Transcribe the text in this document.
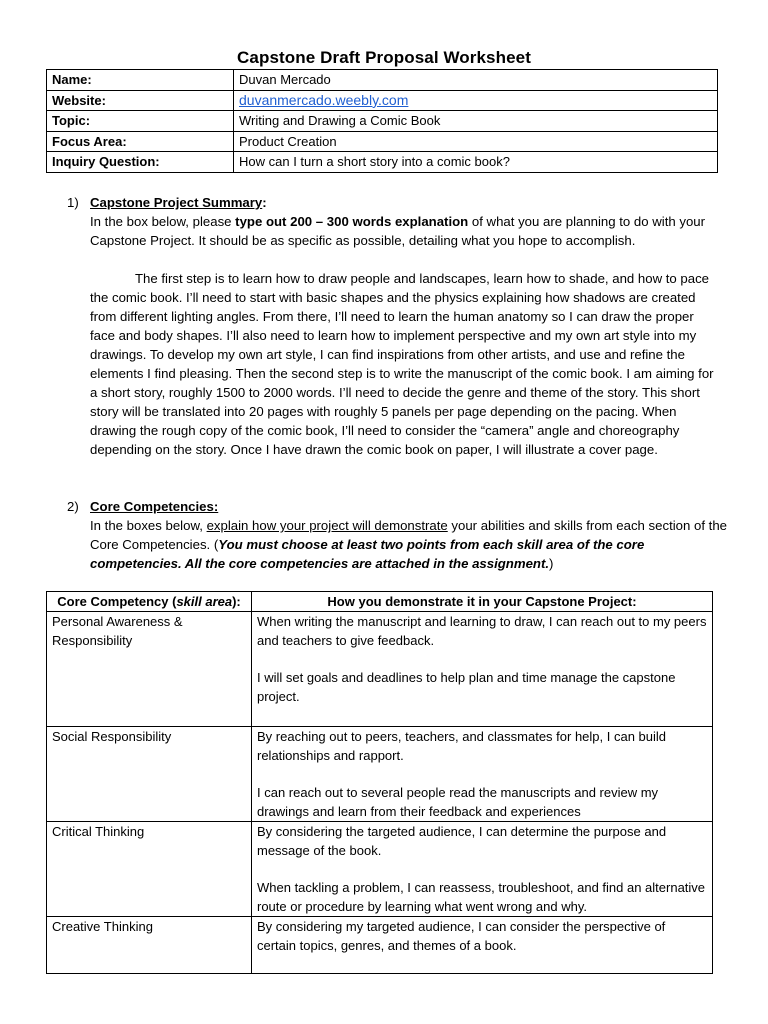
Capstone Draft Proposal Worksheet
Name:	Duvan Mercado
Website:	duvanmercado.weebly.com
Topic:	Writing and Drawing a Comic Book
Focus Area:	Product Creation
Inquiry Question:	How can I turn a short story into a comic book?
1) Capstone Project Summary:
In the box below, please type out 200 – 300 words explanation of what you are planning to do with your Capstone Project. It should be as specific as possible, detailing what you hope to accomplish.
The first step is to learn how to draw people and landscapes, learn how to shade, and how to pace the comic book. I’ll need to start with basic shapes and the physics explaining how shadows are created from different lighting angles. From there, I’ll need to learn the human anatomy so I can draw the proper face and body shapes. I’ll also need to learn how to implement perspective and my own art style into my drawings. To develop my own art style, I can find inspirations from other artists, and use and refine the elements I find pleasing. Then the second step is to write the manuscript of the comic book. I am aiming for a short story, roughly 1500 to 2000 words. I’ll need to decide the genre and theme of the story. This short story will be translated into 20 pages with roughly 5 panels per page depending on the pacing. When drawing the rough copy of the comic book, I’ll need to consider the “camera” angle and choreography depending on the story. Once I have drawn the comic book on paper, I will illustrate a cover page.
2) Core Competencies:
In the boxes below, explain how your project will demonstrate your abilities and skills from each section of the Core Competencies. (You must choose at least two points from each skill area of the core competencies. All the core competencies are attached in the assignment.)
Core Competency (skill area):	How you demonstrate it in your Capstone Project:
Personal Awareness & Responsibility	When writing the manuscript and learning to draw, I can reach out to my peers and teachers to give feedback.

I will set goals and deadlines to help plan and time manage the capstone project.

Social Responsibility	By reaching out to peers, teachers, and classmates for help, I can build relationships and rapport.

I can reach out to several people read the manuscripts and review my drawings and learn from their feedback and experiences

Critical Thinking	By considering the targeted audience, I can determine the purpose and message of the book.

When tackling a problem, I can reassess, troubleshoot, and find an alternative route or procedure by learning what went wrong and why.

Creative Thinking	By considering my targeted audience, I can consider the perspective of certain topics, genres, and themes of a book.
